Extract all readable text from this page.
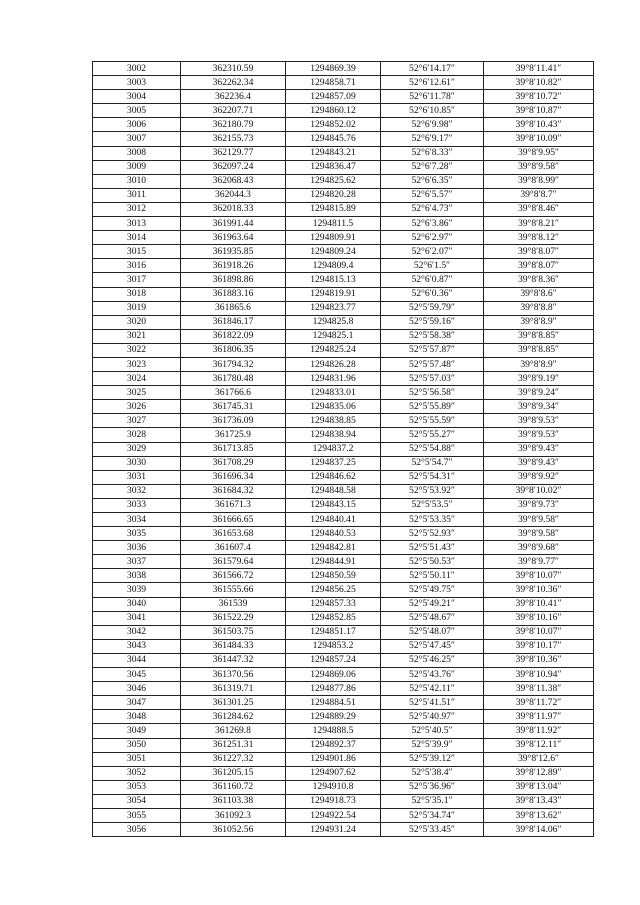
3002	362310.59	1294869.39	52°6′14.17″	39°8′11.41″
3003	362262.34	1294858.71	52°6′12.61″	39°8′10.82″
3004	362236.4	1294857.09	52°6′11.78″	39°8′10.72″
3005	362207.71	1294860.12	52°6′10.85″	39°8′10.87″
3006	362180.79	1294852.02	52°6′9.98″	39°8′10.43″
3007	362155.73	1294845.76	52°6′9.17″	39°8′10.09″
3008	362129.77	1294843.21	52°6′8.33″	39°8′9.95″
3009	362097.24	1294836.47	52°6′7.28″	39°8′9.58″
3010	362068.43	1294825.62	52°6′6.35″	39°8′8.99″
3011	362044.3	1294820.28	52°6′5.57″	39°8′8.7″
3012	362018.33	1294815.89	52°6′4.73″	39°8′8.46″
3013	361991.44	1294811.5	52°6′3.86″	39°8′8.21″
3014	361963.64	1294809.91	52°6′2.97″	39°8′8.12″
3015	361935.85	1294809.24	52°6′2.07″	39°8′8.07″
3016	361918.26	1294809.4	52°6′1.5″	39°8′8.07″
3017	361898.86	1294815.13	52°6′0.87″	39°8′8.36″
3018	361883.16	1294819.91	52°6′0.36″	39°8′8.6″
3019	361865.6	1294823.77	52°5′59.79″	39°8′8.8″
3020	361846.17	1294825.8	52°5′59.16″	39°8′8.9″
3021	361822.09	1294825.1	52°5′58.38″	39°8′8.85″
3022	361806.35	1294825.24	52°5′57.87″	39°8′8.85″
3023	361794.32	1294826.28	52°5′57.48″	39°8′8.9″
3024	361780.48	1294831.96	52°5′57.03″	39°8′9.19″
3025	361766.6	1294833.01	52°5′56.58″	39°8′9.24″
3026	361745.31	1294835.06	52°5′55.89″	39°8′9.34″
3027	361736.09	1294838.85	52°5′55.59″	39°8′9.53″
3028	361725.9	1294838.94	52°5′55.27″	39°8′9.53″
3029	361713.85	1294837.2	52°5′54.88″	39°8′9.43″
3030	361708.29	1294837.25	52°5′54.7″	39°8′9.43″
3031	361696.34	1294846.62	52°5′54.31″	39°8′9.92″
3032	361684.32	1294848.58	52°5′53.92″	39°8′10.02″
3033	361671.3	1294843.15	52°5′53.5″	39°8′9.73″
3034	361666.65	1294840.41	52°5′53.35″	39°8′9.58″
3035	361653.68	1294840.53	52°5′52.93″	39°8′9.58″
3036	361607.4	1294842.81	52°5′51.43″	39°8′9.68″
3037	361579.64	1294844.91	52°5′50.53″	39°8′9.77″
3038	361566.72	1294850.59	52°5′50.11″	39°8′10.07″
3039	361555.66	1294856.25	52°5′49.75″	39°8′10.36″
3040	361539	1294857.33	52°5′49.21″	39°8′10.41″
3041	361522.29	1294852.85	52°5′48.67″	39°8′10.16″
3042	361503.75	1294851.17	52°5′48.07″	39°8′10.07″
3043	361484.33	1294853.2	52°5′47.45″	39°8′10.17″
3044	361447.32	1294857.24	52°5′46.25″	39°8′10.36″
3045	361370.56	1294869.06	52°5′43.76″	39°8′10.94″
3046	361319.71	1294877.86	52°5′42.11″	39°8′11.38″
3047	361301.25	1294884.51	52°5′41.51″	39°8′11.72″
3048	361284.62	1294889.29	52°5′40.97″	39°8′11.97″
3049	361269.8	1294888.5	52°5′40.5″	39°8′11.92″
3050	361251.31	1294892.37	52°5′39.9″	39°8′12.11″
3051	361227.32	1294901.86	52°5′39.12″	39°8′12.6″
3052	361205.15	1294907.62	52°5′38.4″	39°8′12.89″
3053	361160.72	1294910.8	52°5′36.96″	39°8′13.04″
3054	361103.38	1294918.73	52°5′35.1″	39°8′13.43″
3055	361092.3	1294922.54	52°5′34.74″	39°8′13.62″
3056	361052.56	1294931.24	52°5′33.45″	39°8′14.06″
